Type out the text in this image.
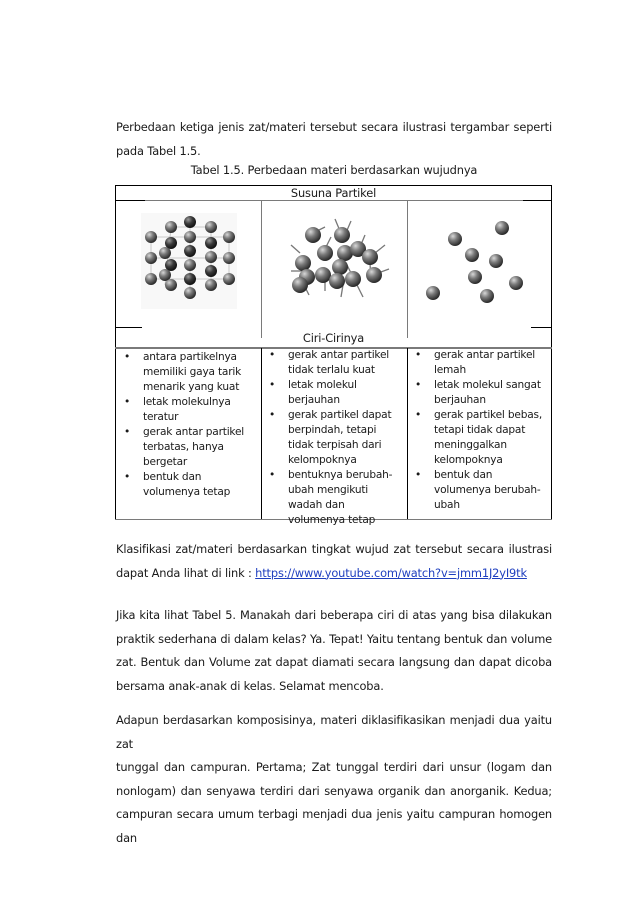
Perbedaan ketiga jenis zat/materi tersebut secara ilustrasi tergambar seperti
pada Tabel 1.5.
Tabel 1.5. Perbedaan materi berdasarkan wujudnya
Susuna Partikel
Ciri-Cirinya
• antara partikelnya memiliki gaya tarik menarik yang kuat
• letak molekulnya teratur
• gerak antar partikel terbatas, hanya bergetar
• bentuk dan volumenya tetap
• gerak antar partikel tidak terlalu kuat
• letak molekul berjauhan
• gerak partikel dapat berpindah, tetapi tidak terpisah dari kelompoknya
• bentuknya berubah-ubah mengikuti wadah dan volumenya tetap
• gerak antar partikel lemah
• letak molekul sangat berjauhan
• gerak partikel bebas, tetapi tidak dapat meninggalkan kelompoknya
• bentuk dan volumenya berubah-ubah
Klasifikasi zat/materi berdasarkan tingkat wujud zat tersebut secara ilustrasi
dapat Anda lihat di link : https://www.youtube.com/watch?v=jmm1J2yI9tk
Jika kita lihat Tabel 5. Manakah dari beberapa ciri di atas yang bisa dilakukan
praktik sederhana di dalam kelas? Ya. Tepat! Yaitu tentang bentuk dan volume
zat. Bentuk dan Volume zat dapat diamati secara langsung dan dapat dicoba
bersama anak-anak di kelas. Selamat mencoba.
Adapun berdasarkan komposisinya, materi diklasifikasikan menjadi dua yaitu zat
tunggal dan campuran. Pertama; Zat tunggal terdiri dari unsur (logam dan
nonlogam) dan senyawa terdiri dari senyawa organik dan anorganik. Kedua;
campuran secara umum terbagi menjadi dua jenis yaitu campuran homogen dan
